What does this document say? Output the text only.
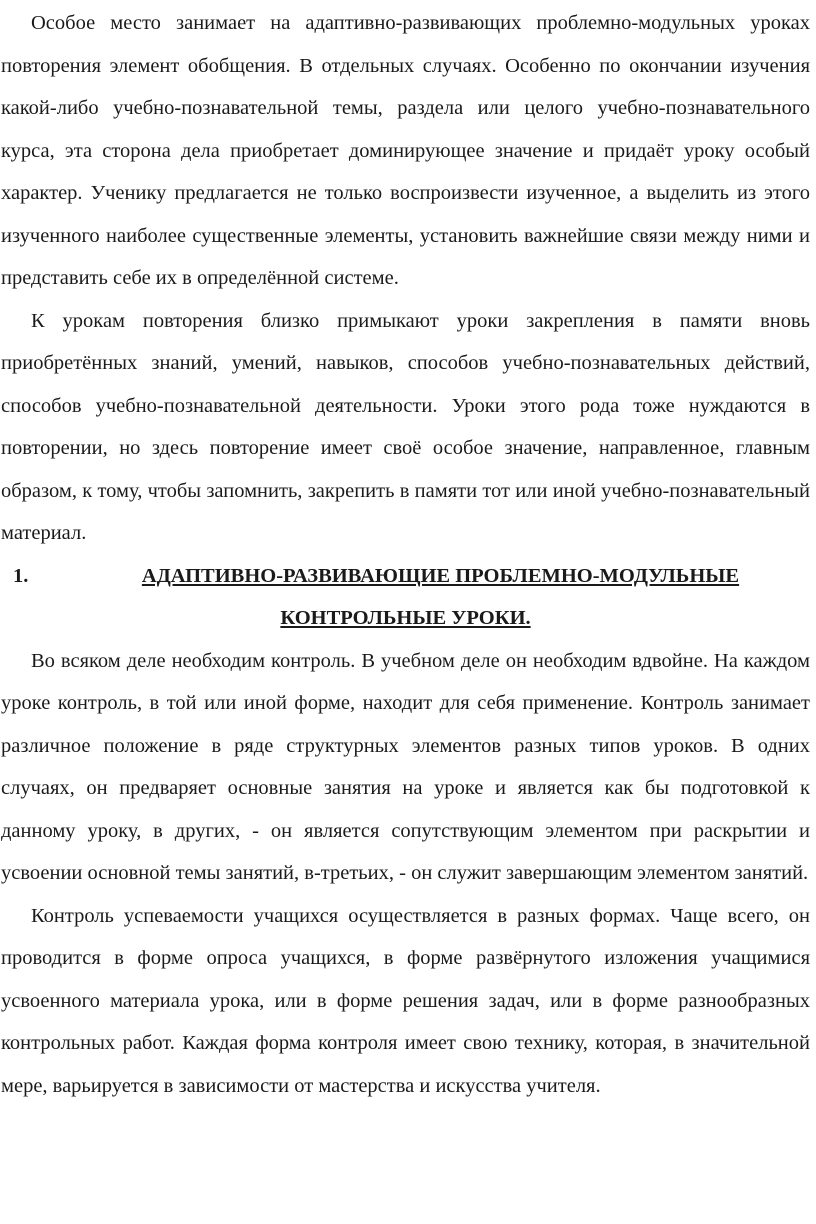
Особое место занимает на адаптивно-развивающих проблемно-модульных уроках повторения элемент обобщения. В отдельных случаях. Особенно по окончании изучения какой-либо учебно-познавательной темы, раздела или целого учебно-познавательного курса, эта сторона дела приобретает доминирующее значение и придаёт уроку особый характер. Ученику предлагается не только воспроизвести изученное, а выделить из этого изученного наиболее существенные элементы, установить важнейшие связи между ними и представить себе их в определённой системе.

К урокам повторения близко примыкают уроки закрепления в памяти вновь приобретённых знаний, умений, навыков, способов учебно-познавательных действий, способов учебно-познавательной деятельности. Уроки этого рода тоже нуждаются в повторении, но здесь повторение имеет своё особое значение, направленное, главным образом, к тому, чтобы запомнить, закрепить в памяти тот или иной учебно-познавательный материал.

1.	АДАПТИВНО-РАЗВИВАЮЩИЕ ПРОБЛЕМНО-МОДУЛЬНЫЕ
КОНТРОЛЬНЫЕ УРОКИ.

Во всяком деле необходим контроль. В учебном деле он необходим вдвойне. На каждом уроке контроль, в той или иной форме, находит для себя применение. Контроль занимает различное положение в ряде структурных элементов разных типов уроков. В одних случаях, он предваряет основные занятия на уроке и является как бы подготовкой к данному уроку, в других, - он является сопутствующим элементом при раскрытии и усвоении основной темы занятий, в-третьих, - он служит завершающим элементом занятий.

Контроль успеваемости учащихся осуществляется в разных формах. Чаще всего, он проводится в форме опроса учащихся, в форме развёрнутого изложения учащимися усвоенного материала урока, или в форме решения задач, или в форме разнообразных контрольных работ. Каждая форма контроля имеет свою технику, которая, в значительной мере, варьируется в зависимости от мастерства и искусства учителя.
